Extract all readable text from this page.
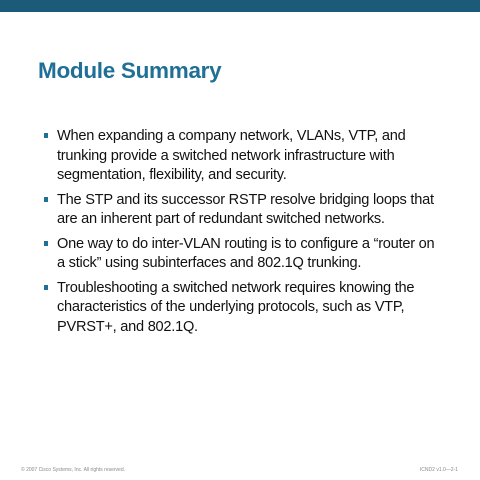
Module Summary
When expanding a company network, VLANs, VTP, and trunking provide a switched network infrastructure with segmentation, flexibility, and security.
The STP and its successor RSTP resolve bridging loops that are an inherent part of redundant switched networks.
One way to do inter-VLAN routing is to configure a “router on a stick” using subinterfaces and 802.1Q trunking.
Troubleshooting a switched network requires knowing the characteristics of the underlying protocols, such as VTP, PVRST+, and 802.1Q.
© 2007 Cisco Systems, Inc. All rights reserved.	ICND2 v1.0—2-1
